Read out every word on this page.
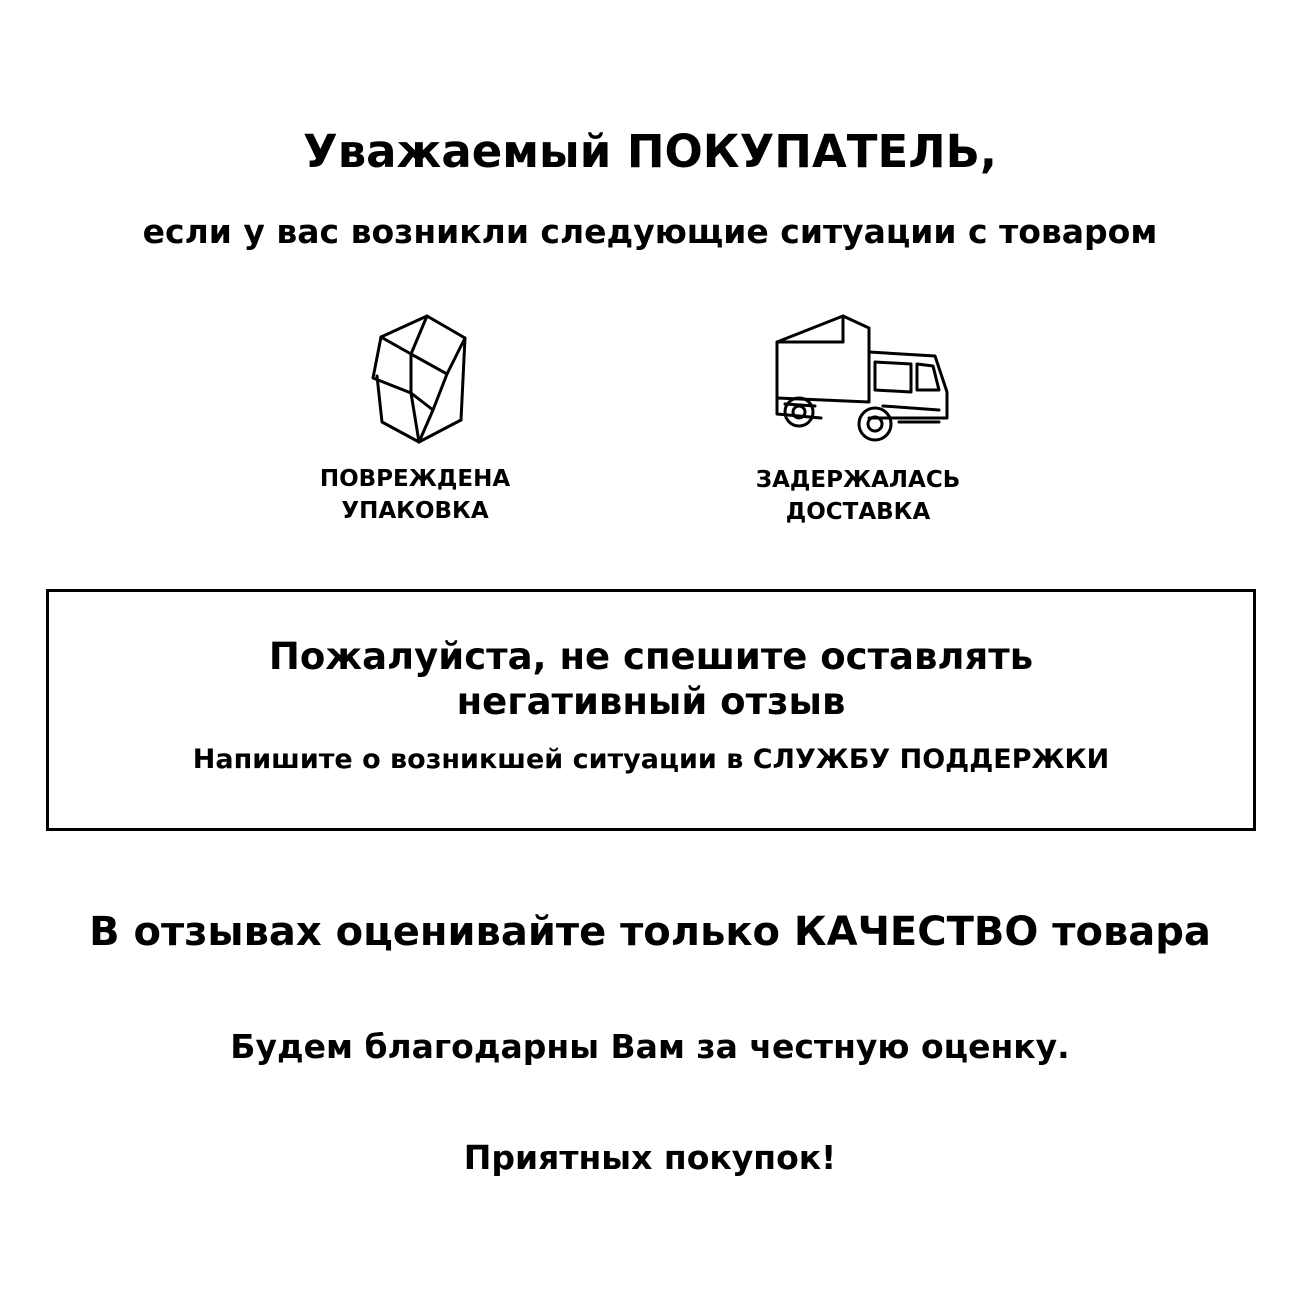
Уважаемый ПОКУПАТЕЛЬ,
если у вас возникли следующие ситуации с товаром
ПОВРЕЖДЕНА
УПАКОВКА
ЗАДЕРЖАЛАСЬ
ДОСТАВКА
Пожалуйста, не спешите оставлять
негативный отзыв
Напишите о возникшей ситуации в СЛУЖБУ ПОДДЕРЖКИ
В отзывах оценивайте только КАЧЕСТВО товара
Будем благодарны Вам за честную оценку.
Приятных покупок!
